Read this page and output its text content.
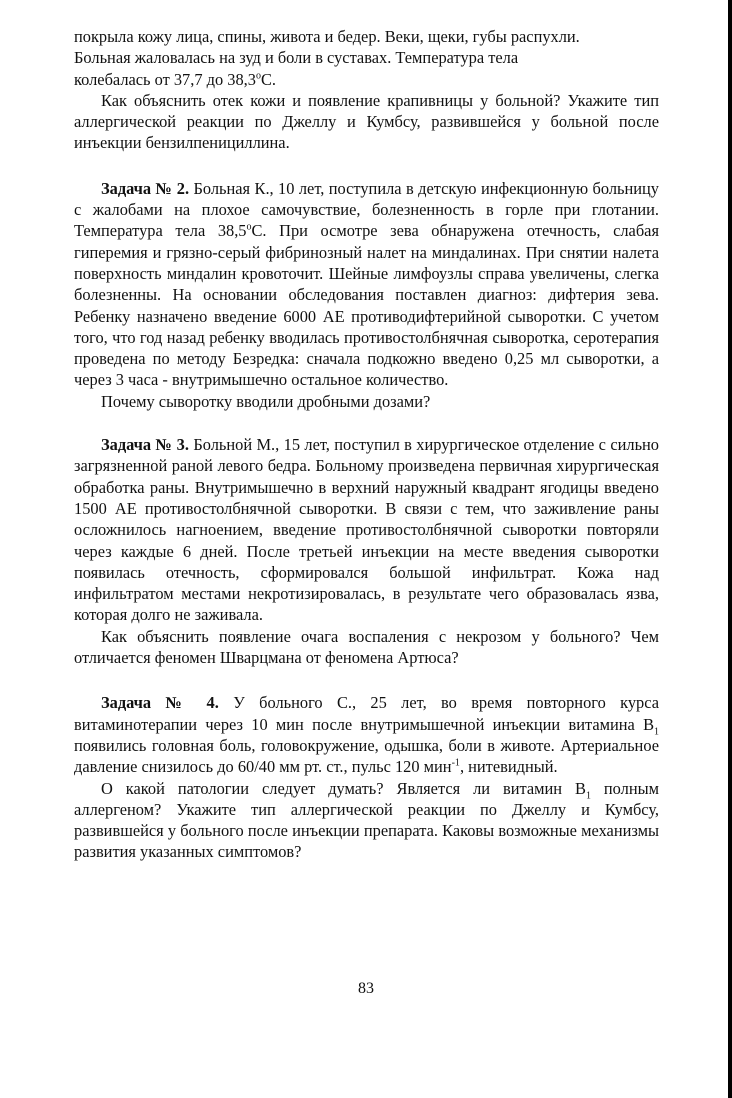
покрыла кожу лица, спины, живота и бедер. Веки, щеки, губы распухли.
Больная жаловалась на зуд и боли в суставах. Температура тела
колебалась от 37,7 до $38,3^оС$.

Как объяснить отек кожи и появление крапивницы у больной? Укажите тип аллергической реакции по Джеллу и Кумбсу, развившейся у больной после инъекции бензилпенициллина.

Задача № 2. Больная К., 10 лет, поступила в детскую инфекционную больницу с жалобами на плохое самочувствие, болезненность в горле при глотании. Температура тела $38,5^оС$. При осмотре зева обнаружена отечность, слабая гиперемия и грязно-серый фибринозный налет на миндалинах. При снятии налета поверхность миндалин кровоточит. Шейные лимфоузлы справа увеличены, слегка болезненны. На основании обследования поставлен диагноз: дифтерия зева. Ребенку назначено введение 6000 АЕ противодифтерийной сыворотки. С учетом того, что год назад ребенку вводилась противостолбнячная сыворотка, серотерапия проведена по методу Безредка: сначала подкожно введено 0,25 мл сыворотки, а через 3 часа - внутримышечно остальное количество.

Почему сыворотку вводили дробными дозами?

Задача № 3. Больной М., 15 лет, поступил в хирургическое отделение с сильно загрязненной раной левого бедра. Больному произведена первичная хирургическая обработка раны. Внутримышечно в верхний наружный квадрант ягодицы введено 1500 АЕ противостолбнячной сыворотки. В связи с тем, что заживление раны осложнилось нагноением, введение противостолбнячной сыворотки повторяли через каждые 6 дней. После третьей инъекции на месте введения сыворотки появилась отечность, сформировался большой инфильтрат. Кожа над инфильтратом местами некротизировалась, в результате чего образовалась язва, которая долго не заживала.

Как объяснить появление очага воспаления с некрозом у больного? Чем отличается феномен Шварцмана от феномена Артюса?

Задача № 4. У больного С., 25 лет, во время повторного курса витаминотерапии через 10 мин после внутримышечной инъекции витамина $В_1$ появились головная боль, головокружение, одышка, боли в животе. Артериальное давление снизилось до 60/40 мм рт. ст., пульс 120 мин$^{-1}$, нитевидный.

О какой патологии следует думать? Является ли витамин $В_1$ полным аллергеном? Укажите тип аллергической реакции по Джеллу и Кумбсу, развившейся у больного после инъекции препарата. Каковы возможные механизмы развития указанных симптомов?

83
